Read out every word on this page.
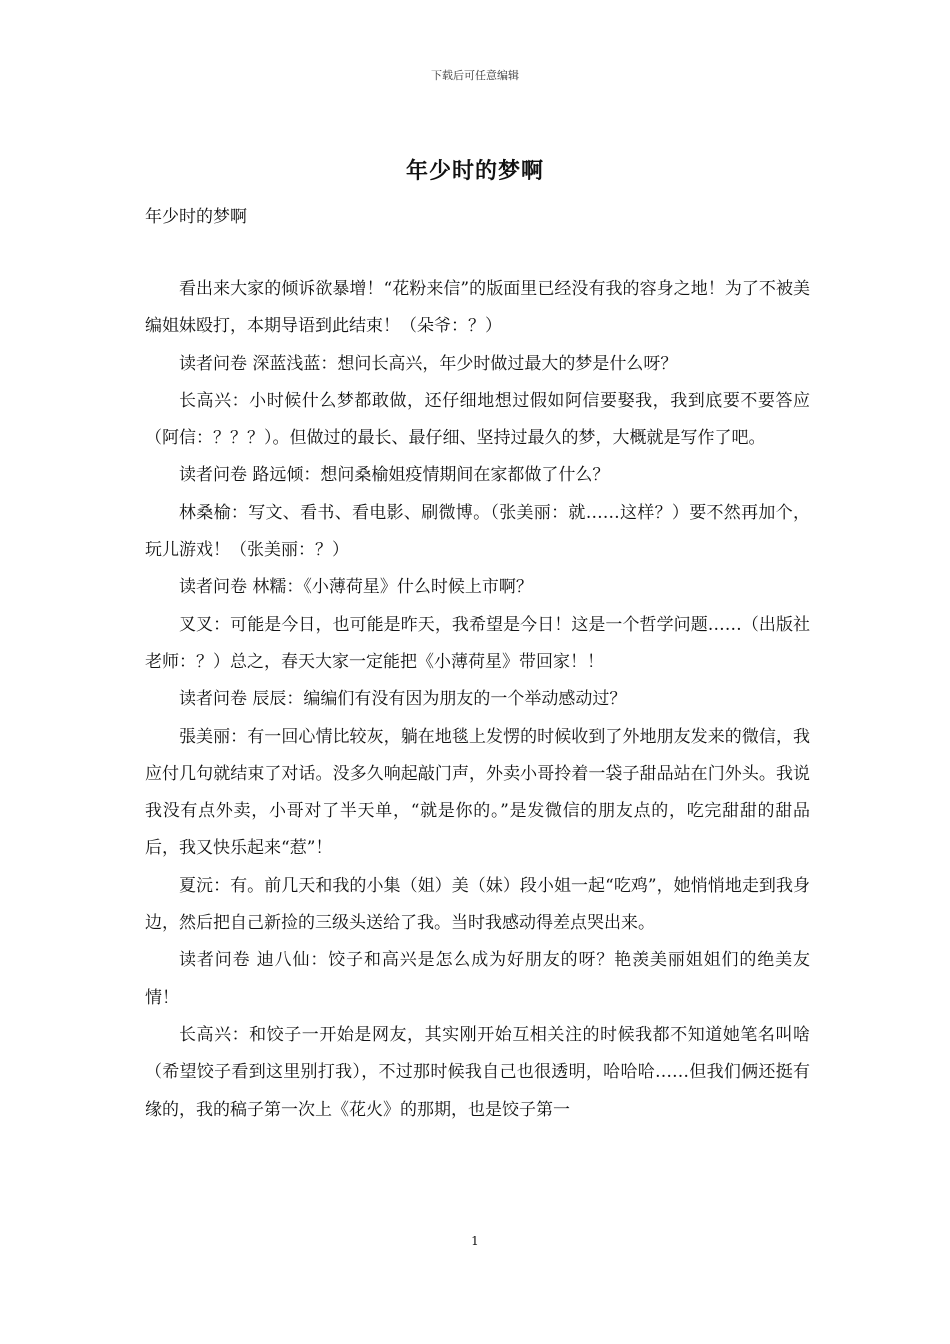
下载后可任意编辑
年少时的梦啊
年少时的梦啊

看出来大家的倾诉欲暴增！“花粉来信”的版面里已经没有我的容身之地！为了不被美编姐妹殴打，本期导语到此结束！（朵爷：？）

读者问卷 深蓝浅蓝：想问长高兴，年少时做过最大的梦是什么呀？

长高兴：小时候什么梦都敢做，还仔细地想过假如阿信要娶我，我到底要不要答应（阿信：？？？）。但做过的最长、最仔细、坚持过最久的梦，大概就是写作了吧。

读者问卷 路远倾：想问桑榆姐疫情期间在家都做了什么？

林桑榆：写文、看书、看电影、刷微博。（张美丽：就……这样？）要不然再加个，玩儿游戏！（张美丽：？）

读者问卷 林糯：《小薄荷星》什么时候上市啊？

叉叉：可能是今日，也可能是昨天，我希望是今日！这是一个哲学问题……（出版社老师：？）总之，春天大家一定能把《小薄荷星》带回家！！

读者问卷 辰辰：编编们有没有因为朋友的一个举动感动过？

張美丽：有一回心情比较灰，躺在地毯上发愣的时候收到了外地朋友发来的微信，我应付几句就结束了对话。没多久响起敲门声，外卖小哥拎着一袋子甜品站在门外头。我说我没有点外卖，小哥对了半天单，“就是你的。”是发微信的朋友点的，吃完甜甜的甜品后，我又快乐起来“惹”！

夏沅：有。前几天和我的小集（姐）美（妹）段小姐一起“吃鸡”，她悄悄地走到我身边，然后把自己新捡的三级头送给了我。当时我感动得差点哭出来。

读者问卷 迪八仙：饺子和高兴是怎么成为好朋友的呀？艳羡美丽姐姐们的绝美友情！

长高兴：和饺子一开始是网友，其实刚开始互相关注的时候我都不知道她笔名叫啥（希望饺子看到这里别打我），不过那时候我自己也很透明，哈哈哈……但我们俩还挺有缘的，我的稿子第一次上《花火》的那期，也是饺子第一

1
